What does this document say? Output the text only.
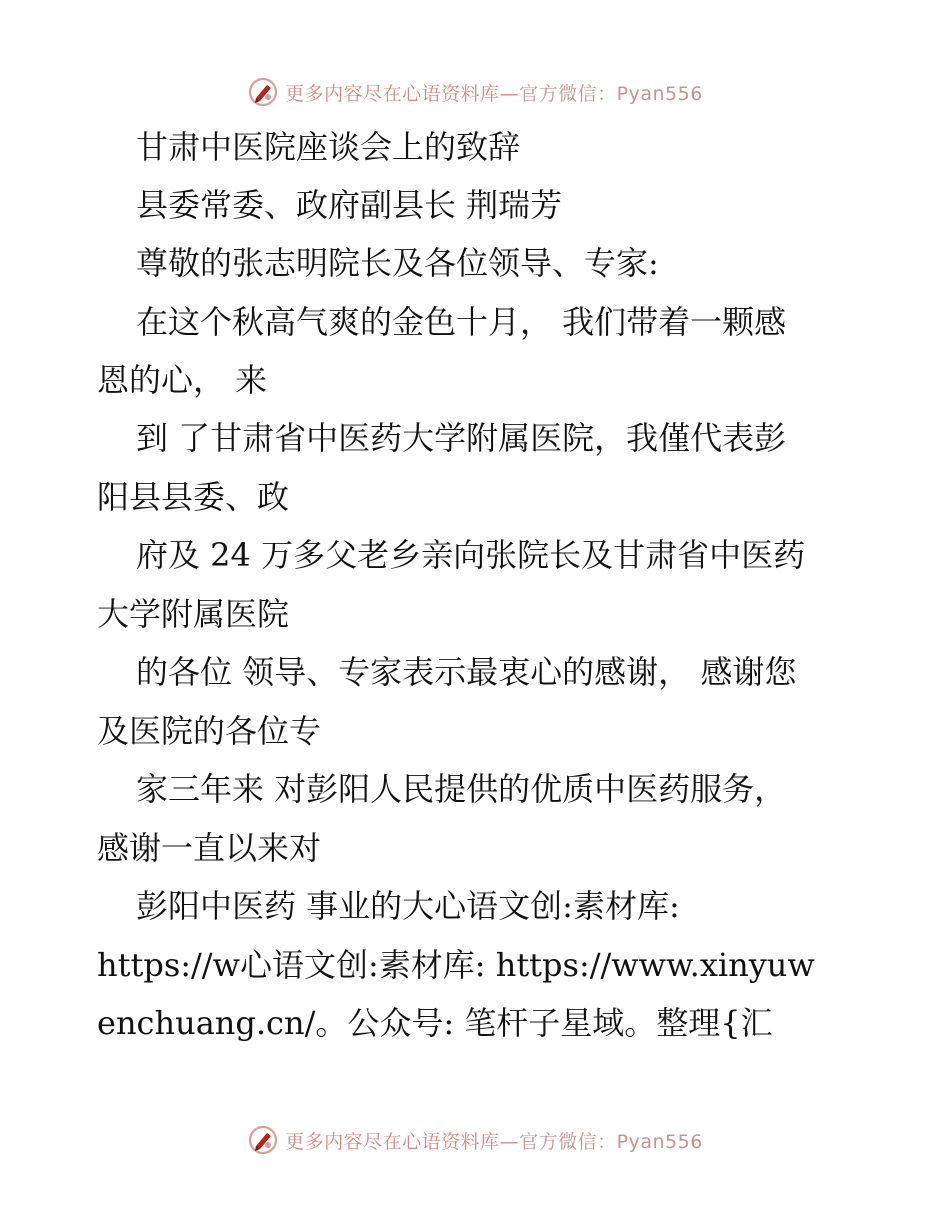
更多内容尽在心语资料库—官方微信：Pyan556
甘肃中医院座谈会上的致辞
县委常委、政府副县长 荆瑞芳
尊敬的张志明院长及各位领导、专家:
在这个秋高气爽的金色十月， 我们带着一颗感
恩的心， 来
到 了甘肃省中医药大学附属医院，我僅代表彭
阳县县委、政
府及 24 万多父老乡亲向张院长及甘肃省中医药
大学附属医院
的各位 领导、专家表示最衷心的感谢， 感谢您
及医院的各位专
家三年来 对彭阳人民提供的优质中医药服务，
感谢一直以来对
彭阳中医药 事业的大心语文创:素材库:
https://w心语文创:素材库: https://www.xinyuw
enchuang.cn/。公众号: 笔杆子星域。整理{汇
更多内容尽在心语资料库—官方微信：Pyan556
